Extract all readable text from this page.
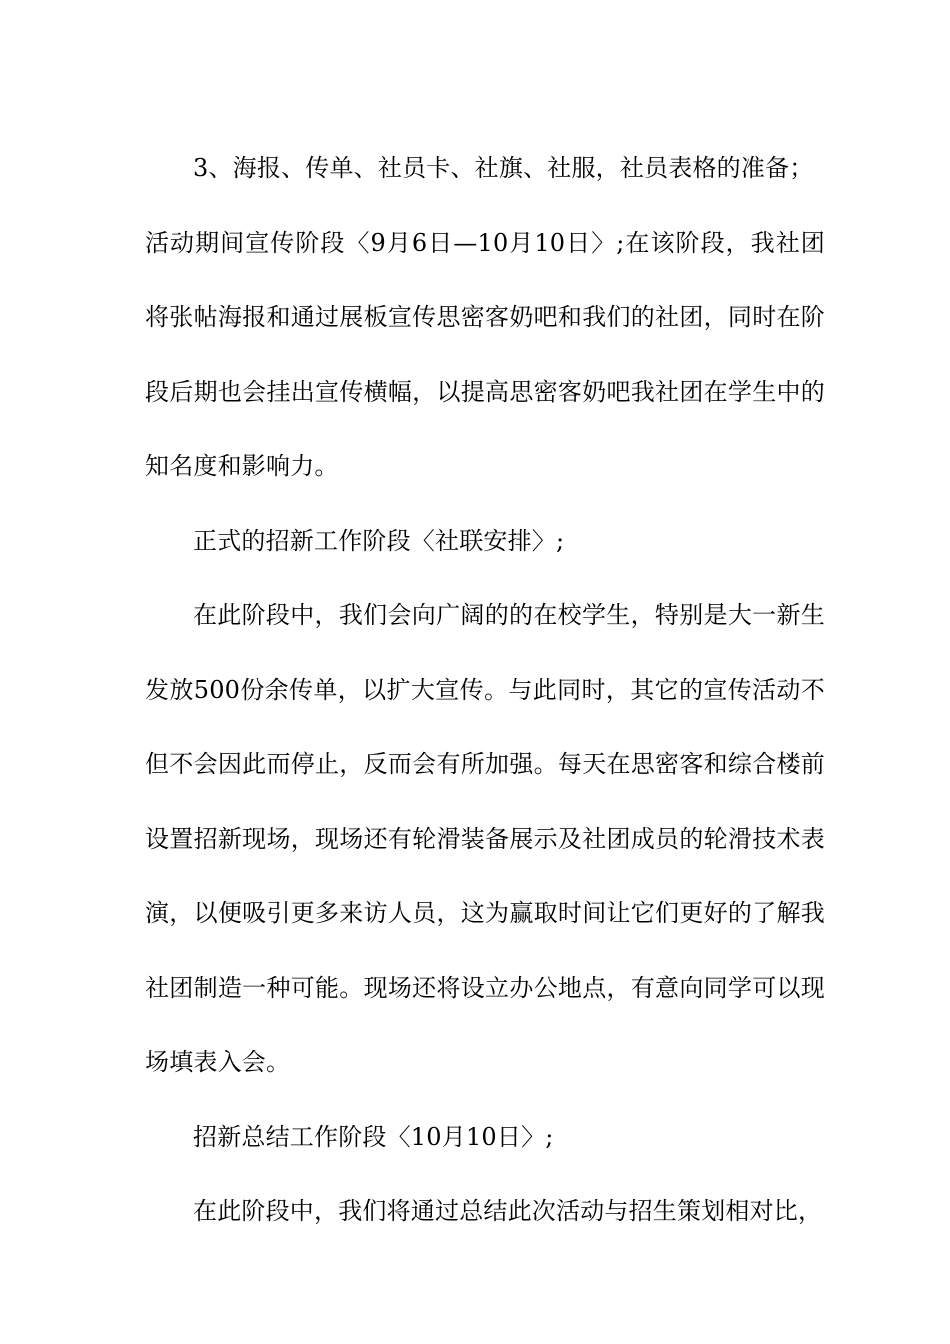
3、海报、传单、社员卡、社旗、社服，社员表格的准备；

活动期间宣传阶段〈9月6日—10月10日〉;在该阶段，我社团将张帖海报和通过展板宣传思密客奶吧和我们的社团，同时在阶段后期也会挂出宣传横幅，以提高思密客奶吧我社团在学生中的知名度和影响力。

正式的招新工作阶段〈社联安排〉;

在此阶段中，我们会向广阔的的在校学生，特别是大一新生发放500份余传单，以扩大宣传。与此同时，其它的宣传活动不但不会因此而停止，反而会有所加强。每天在思密客和综合楼前设置招新现场，现场还有轮滑装备展示及社团成员的轮滑技术表演，以便吸引更多来访人员，这为赢取时间让它们更好的了解我社团制造一种可能。现场还将设立办公地点，有意向同学可以现场填表入会。

招新总结工作阶段〈10月10日〉;

在此阶段中，我们将通过总结此次活动与招生策划相对比，
